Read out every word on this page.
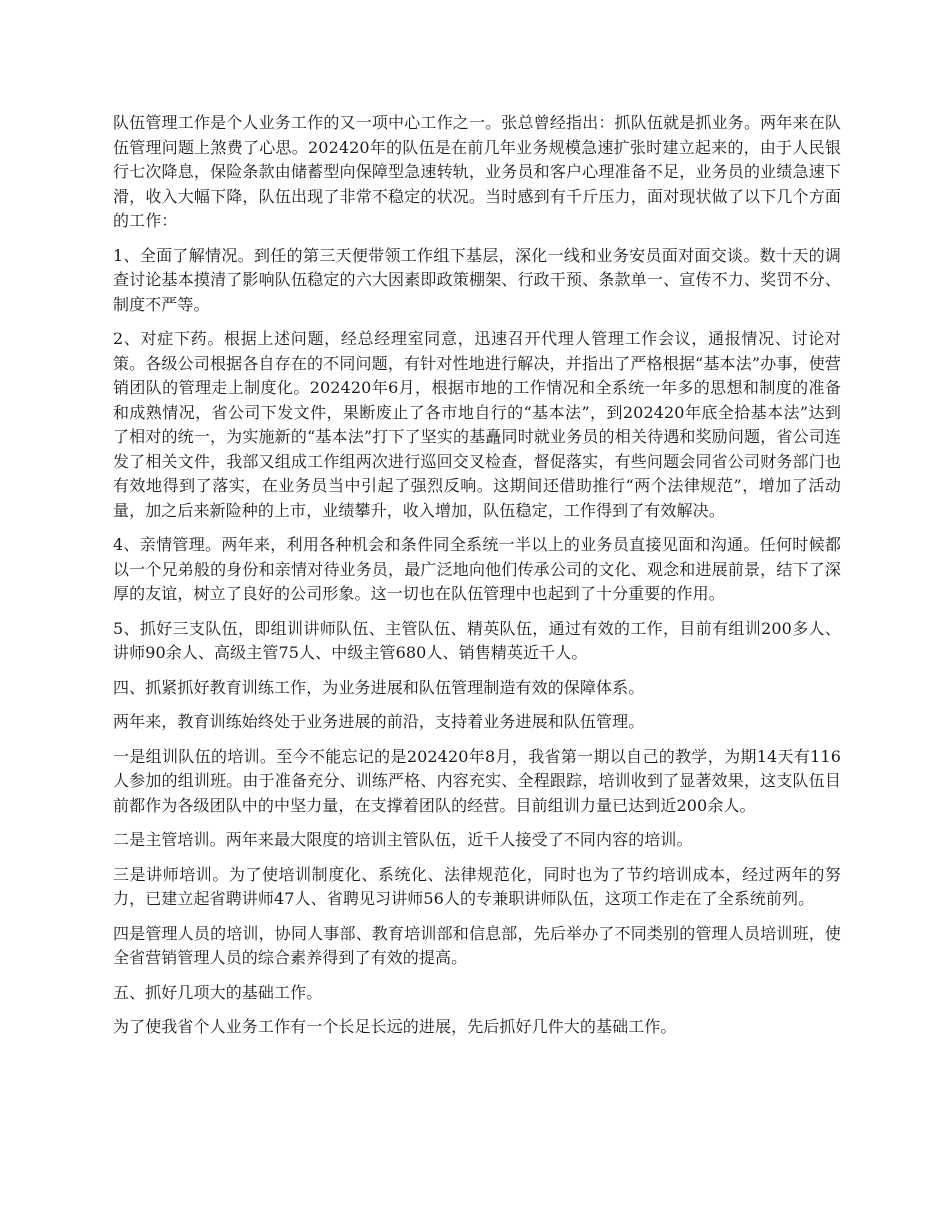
队伍管理工作是个人业务工作的又一项中心工作之一。张总曾经指出：抓队伍就是抓业务。两年来在队伍管理问题上煞费了心思。202420年的队伍是在前几年业务规模急速扩张时建立起来的，由于人民银行七次降息，保险条款由储蓄型向保障型急速转轨，业务员和客户心理准备不足，业务员的业绩急速下滑，收入大幅下降，队伍出现了非常不稳定的状况。当时感到有千斤压力，面对现状做了以下几个方面的工作：

1、全面了解情况。到任的第三天便带领工作组下基层，深化一线和业务安员面对面交谈。数十天的调查讨论基本摸清了影响队伍稳定的六大因素即政策棚架、行政干预、条款单一、宣传不力、奖罚不分、制度不严等。

2、对症下药。根据上述问题，经总经理室同意，迅速召开代理人管理工作会议，通报情况、讨论对策。各级公司根据各自存在的不同问题，有针对性地进行解决，并指出了严格根据“基本法”办事，使营销团队的管理走上制度化。202420年6月，根据市地的工作情况和全系统一年多的思想和制度的准备和成熟情况，省公司下发文件，果断废止了各市地自行的“基本法”，到202420年底全拾基本法”达到了相对的统一，为实施新的“基本法”打下了坚实的基矗同时就业务员的相关待遇和奖励问题，省公司连发了相关文件，我部又组成工作组两次进行巡回交叉检查，督促落实，有些问题会同省公司财务部门也有效地得到了落实，在业务员当中引起了强烈反响。这期间还借助推行“两个法律规范”，增加了活动量，加之后来新险种的上市，业绩攀升，收入增加，队伍稳定，工作得到了有效解决。

4、亲情管理。两年来，利用各种机会和条件同全系统一半以上的业务员直接见面和沟通。任何时候都以一个兄弟般的身份和亲情对待业务员，最广泛地向他们传承公司的文化、观念和进展前景，结下了深厚的友谊，树立了良好的公司形象。这一切也在队伍管理中也起到了十分重要的作用。

5、抓好三支队伍，即组训讲师队伍、主管队伍、精英队伍，通过有效的工作，目前有组训200多人、讲师90余人、高级主管75人、中级主管680人、销售精英近千人。

四、抓紧抓好教育训练工作，为业务进展和队伍管理制造有效的保障体系。

两年来，教育训练始终处于业务进展的前沿，支持着业务进展和队伍管理。

一是组训队伍的培训。至今不能忘记的是202420年8月，我省第一期以自己的教学，为期14天有116人参加的组训班。由于准备充分、训练严格、内容充实、全程跟踪，培训收到了显著效果，这支队伍目前都作为各级团队中的中坚力量，在支撑着团队的经营。目前组训力量已达到近200余人。

二是主管培训。两年来最大限度的培训主管队伍，近千人接受了不同内容的培训。

三是讲师培训。为了使培训制度化、系统化、法律规范化，同时也为了节约培训成本，经过两年的努力，已建立起省聘讲师47人、省聘见习讲师56人的专兼职讲师队伍，这项工作走在了全系统前列。

四是管理人员的培训，协同人事部、教育培训部和信息部，先后举办了不同类别的管理人员培训班，使全省营销管理人员的综合素养得到了有效的提高。

五、抓好几项大的基础工作。

为了使我省个人业务工作有一个长足长远的进展，先后抓好几件大的基础工作。
